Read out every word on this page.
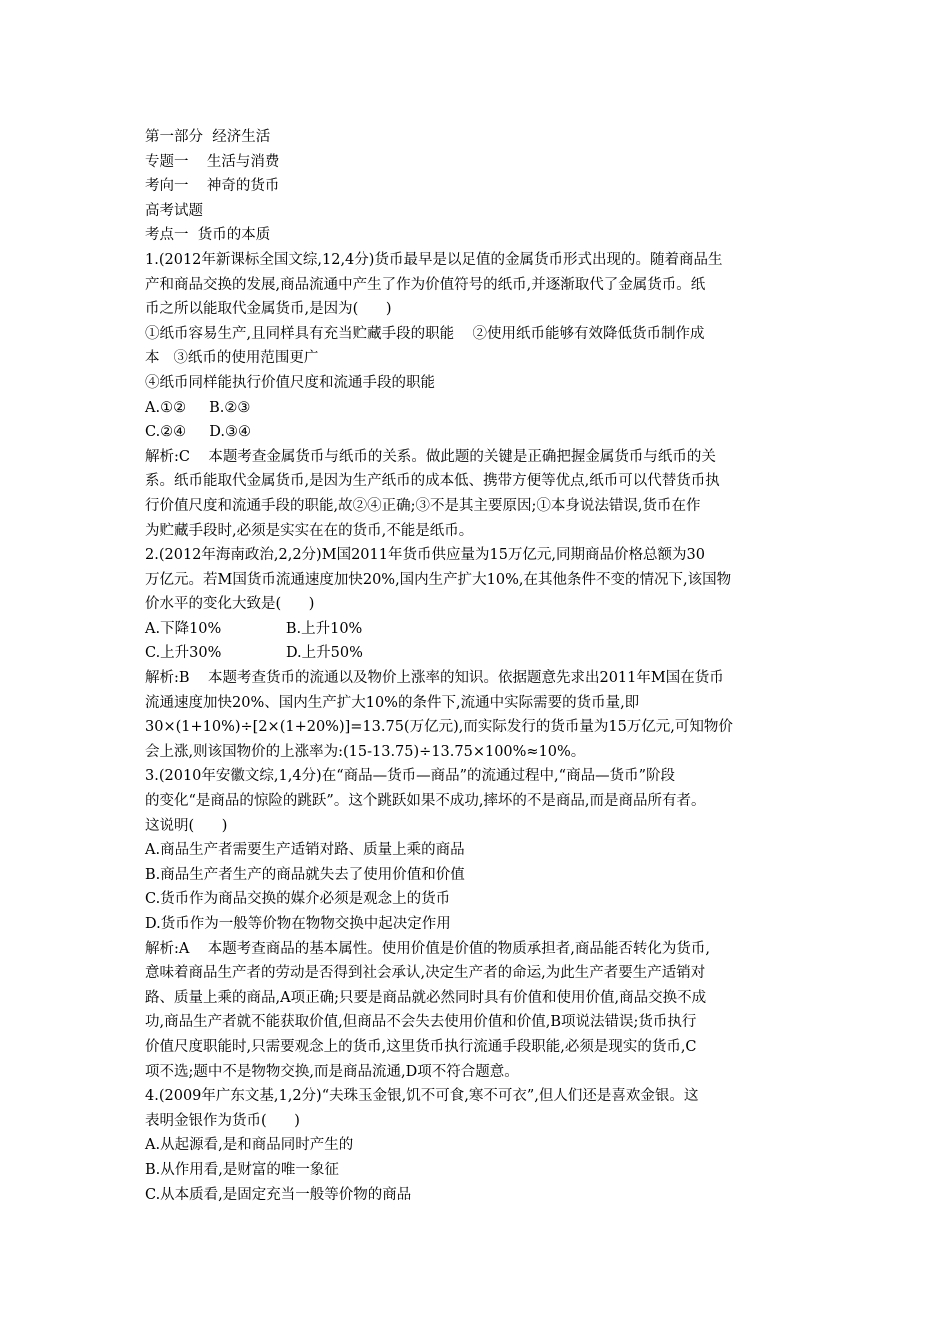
第一部分  经济生活
专题一    生活与消费
考向一    神奇的货币
高考试题
考点一  货币的本质
1.(2012年新课标全国文综,12,4分)货币最早是以足值的金属货币形式出现的。随着商品生
产和商品交换的发展,商品流通中产生了作为价值符号的纸币,并逐渐取代了金属货币。纸
币之所以能取代金属货币,是因为(      )
①纸币容易生产,且同样具有充当贮藏手段的职能    ②使用纸币能够有效降低货币制作成
本   ③纸币的使用范围更广
④纸币同样能执行价值尺度和流通手段的职能
A.①②     B.②③
C.②④     D.③④
解析:C    本题考查金属货币与纸币的关系。做此题的关键是正确把握金属货币与纸币的关
系。纸币能取代金属货币,是因为生产纸币的成本低、携带方便等优点,纸币可以代替货币执
行价值尺度和流通手段的职能,故②④正确;③不是其主要原因;①本身说法错误,货币在作
为贮藏手段时,必须是实实在在的货币,不能是纸币。
2.(2012年海南政治,2,2分)M国2011年货币供应量为15万亿元,同期商品价格总额为30
万亿元。若M国货币流通速度加快20%,国内生产扩大10%,在其他条件不变的情况下,该国物
价水平的变化大致是(      )
A.下降10%              B.上升10%
C.上升30%              D.上升50%
解析:B    本题考查货币的流通以及物价上涨率的知识。依据题意先求出2011年M国在货币
流通速度加快20%、国内生产扩大10%的条件下,流通中实际需要的货币量,即
30×(1+10%)÷[2×(1+20%)]=13.75(万亿元),而实际发行的货币量为15万亿元,可知物价
会上涨,则该国物价的上涨率为:(15-13.75)÷13.75×100%≈10%。
3.(2010年安徽文综,1,4分)在“商品—货币—商品”的流通过程中,“商品—货币”阶段
的变化“是商品的惊险的跳跃”。这个跳跃如果不成功,摔坏的不是商品,而是商品所有者。
这说明(      )
A.商品生产者需要生产适销对路、质量上乘的商品
B.商品生产者生产的商品就失去了使用价值和价值
C.货币作为商品交换的媒介必须是观念上的货币
D.货币作为一般等价物在物物交换中起决定作用
解析:A    本题考查商品的基本属性。使用价值是价值的物质承担者,商品能否转化为货币,
意味着商品生产者的劳动是否得到社会承认,决定生产者的命运,为此生产者要生产适销对
路、质量上乘的商品,A项正确;只要是商品就必然同时具有价值和使用价值,商品交换不成
功,商品生产者就不能获取价值,但商品不会失去使用价值和价值,B项说法错误;货币执行
价值尺度职能时,只需要观念上的货币,这里货币执行流通手段职能,必须是现实的货币,C
项不选;题中不是物物交换,而是商品流通,D项不符合题意。
4.(2009年广东文基,1,2分)“夫珠玉金银,饥不可食,寒不可衣”,但人们还是喜欢金银。这
表明金银作为货币(      )
A.从起源看,是和商品同时产生的
B.从作用看,是财富的唯一象征
C.从本质看,是固定充当一般等价物的商品
